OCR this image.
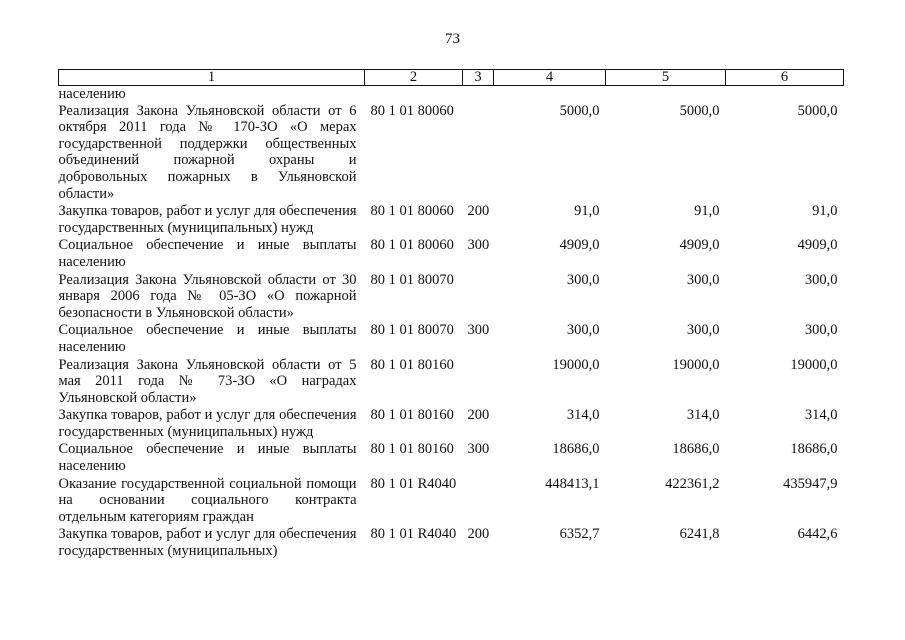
73
1	2	3	4	5	6
населению					
Реализация Закона Ульяновской области от 6 октября 2011 года № 170-ЗО «О мерах государственной поддержки общественных объединений пожарной охраны и добровольных пожарных в Ульяновской области»	80 1 01 80060		5000,0	5000,0	5000,0
Закупка товаров, работ и услуг для обеспечения государственных (муниципальных) нужд	80 1 01 80060	200	91,0	91,0	91,0
Социальное обеспечение и иные выплаты населению	80 1 01 80060	300	4909,0	4909,0	4909,0
Реализация Закона Ульяновской области от 30 января 2006 года № 05-ЗО «О пожарной безопасности в Ульяновской области»	80 1 01 80070		300,0	300,0	300,0
Социальное обеспечение и иные выплаты населению	80 1 01 80070	300	300,0	300,0	300,0
Реализация Закона Ульяновской области от 5 мая 2011 года № 73-ЗО «О наградах Ульяновской области»	80 1 01 80160		19000,0	19000,0	19000,0
Закупка товаров, работ и услуг для обеспечения государственных (муниципальных) нужд	80 1 01 80160	200	314,0	314,0	314,0
Социальное обеспечение и иные выплаты населению	80 1 01 80160	300	18686,0	18686,0	18686,0
Оказание государственной социальной помощи на основании социального контракта отдельным категориям граждан	80 1 01 R4040		448413,1	422361,2	435947,9
Закупка товаров, работ и услуг для обеспечения государственных (муниципальных)	80 1 01 R4040	200	6352,7	6241,8	6442,6
